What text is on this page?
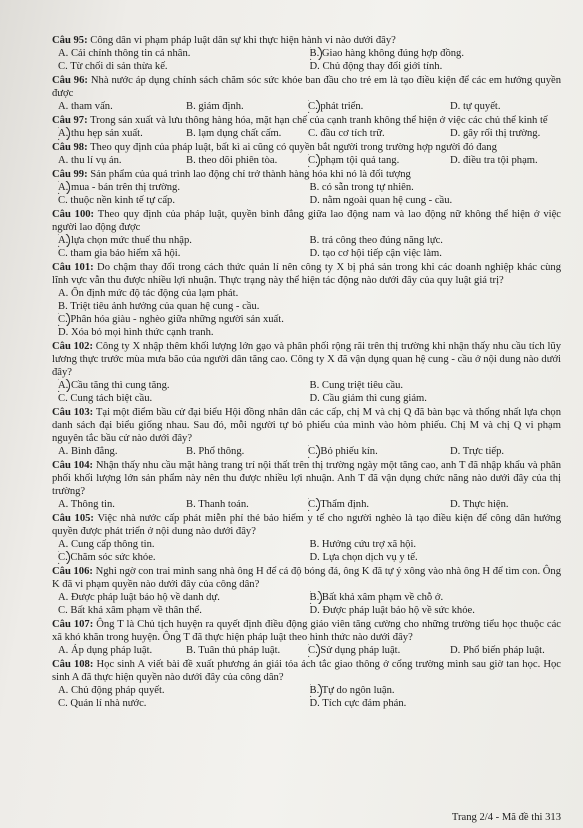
Câu 95: Công dân vi phạm pháp luật dân sự khi thực hiện hành vi nào dưới đây?
A. Cải chính thông tin cá nhân.	B. Giao hàng không đúng hợp đồng.
C. Từ chối di sản thừa kế.	D. Chủ động thay đổi giới tính.
Câu 96: Nhà nước áp dụng chính sách chăm sóc sức khỏe ban đầu cho trẻ em là tạo điều kiện để các em hưởng quyền được
A. tham vấn.	B. giám định.	C. phát triển.	D. tự quyết.
Câu 97: Trong sản xuất và lưu thông hàng hóa, mặt hạn chế của cạnh tranh không thể hiện ở việc các chủ thể kinh tế
A. thu hẹp sản xuất.	B. lạm dụng chất cấm.	C. đầu cơ tích trữ.	D. gây rối thị trường.
Câu 98: Theo quy định của pháp luật, bất kì ai cũng có quyền bắt người trong trường hợp người đó đang
A. thu lí vụ án.	B. theo dõi phiên tòa.	C. phạm tội quả tang.	D. điều tra tội phạm.
Câu 99: Sản phẩm của quá trình lao động chỉ trở thành hàng hóa khi nó là đối tượng
A. mua - bán trên thị trường.	B. có sẵn trong tự nhiên.
C. thuộc nền kinh tế tự cấp.	D. nằm ngoài quan hệ cung - cầu.
Câu 100: Theo quy định của pháp luật, quyền bình đẳng giữa lao động nam và lao động nữ không thể hiện ở việc người lao động được
A. lựa chọn mức thuế thu nhập.	B. trả công theo đúng năng lực.
C. tham gia bảo hiểm xã hội.	D. tạo cơ hội tiếp cận việc làm.
Câu 101: Do chậm thay đổi trong cách thức quản lí nên công ty X bị phá sản trong khi các doanh nghiệp khác cùng lĩnh vực vẫn thu được nhiều lợi nhuận. Thực trạng này thể hiện tác động nào dưới đây của quy luật giá trị?
A. Ổn định mức độ tác động của lạm phát.
B. Triệt tiêu ảnh hưởng của quan hệ cung - cầu.
C. Phân hóa giàu - nghèo giữa những người sản xuất.
D. Xóa bỏ mọi hình thức cạnh tranh.
Câu 102: Công ty X nhập thêm khối lượng lớn gạo và phân phối rộng rãi trên thị trường khi nhận thấy nhu cầu tích lũy lương thực trước mùa mưa bão của người dân tăng cao. Công ty X đã vận dụng quan hệ cung - cầu ở nội dung nào dưới đây?
A. Cầu tăng thì cung tăng.	B. Cung triệt tiêu cầu.
C. Cung tách biệt cầu.	D. Cầu giảm thì cung giảm.
Câu 103: Tại một điểm bầu cử đại biểu Hội đồng nhân dân các cấp, chị M và chị Q đã bàn bạc và thống nhất lựa chọn danh sách đại biểu giống nhau. Sau đó, mỗi người tự bỏ phiếu của mình vào hòm phiếu. Chị M và chị Q vi phạm nguyên tắc bầu cử nào dưới đây?
A. Bình đẳng.	B. Phổ thông.	C. Bỏ phiếu kín.	D. Trực tiếp.
Câu 104: Nhận thấy nhu cầu mặt hàng trang trí nội thất trên thị trường ngày một tăng cao, anh T đã nhập khẩu và phân phối khối lượng lớn sản phẩm này nên thu được nhiều lợi nhuận. Anh T đã vận dụng chức năng nào dưới đây của thị trường?
A. Thông tin.	B. Thanh toán.	C. Thẩm định.	D. Thực hiện.
Câu 105: Việc nhà nước cấp phát miễn phí thẻ bảo hiểm y tế cho người nghèo là tạo điều kiện để công dân hưởng quyền được phát triển ở nội dung nào dưới đây?
A. Cung cấp thông tin.	B. Hưởng cứu trợ xã hội.
C. Chăm sóc sức khỏe.	D. Lựa chọn dịch vụ y tế.
Câu 106: Nghi ngờ con trai mình sang nhà ông H để cá độ bóng đá, ông K đã tự ý xông vào nhà ông H để tìm con. Ông K đã vi phạm quyền nào dưới đây của công dân?
A. Được pháp luật bảo hộ về danh dự.	B. Bất khả xâm phạm về chỗ ở.
C. Bất khả xâm phạm về thân thể.	D. Được pháp luật bảo hộ về sức khỏe.
Câu 107: Ông T là Chủ tịch huyện ra quyết định điều động giáo viên tăng cường cho những trường tiểu học thuộc các xã khó khăn trong huyện. Ông T đã thực hiện pháp luật theo hình thức nào dưới đây?
A. Áp dụng pháp luật.	B. Tuân thủ pháp luật.	C. Sử dụng pháp luật.	D. Phổ biến pháp luật.
Câu 108: Học sinh A viết bài đề xuất phương án giải tỏa ách tắc giao thông ở cổng trường mình sau giờ tan học. Học sinh A đã thực hiện quyền nào dưới đây của công dân?
A. Chủ động pháp quyết.	B. Tự do ngôn luận.
C. Quản lí nhà nước.	D. Tích cực đảm phán.
Trang 2/4 - Mã đề thi 313
